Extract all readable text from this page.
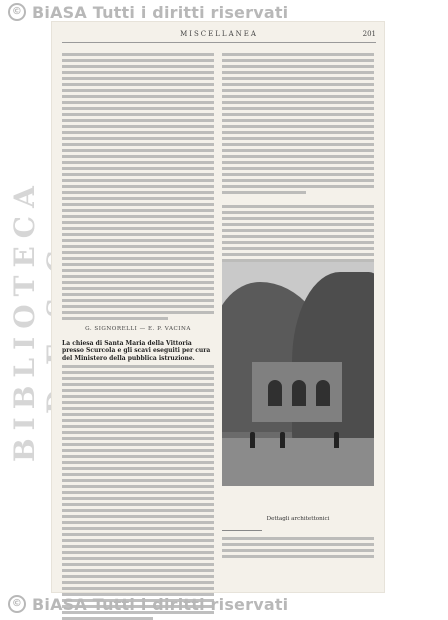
© BiASA Tutti i diritti riservati
BIBLIOTECA
MISCELLANEA	201
G. SIGNORELLI — E. P. VACINA
La chiesa di Santa Maria della Vittoria presso Scurcola e gli scavi eseguiti per cura del Ministero della pubblica istruzione.
Dettagli architettonici
© BiASA Tutti i diritti riservati
